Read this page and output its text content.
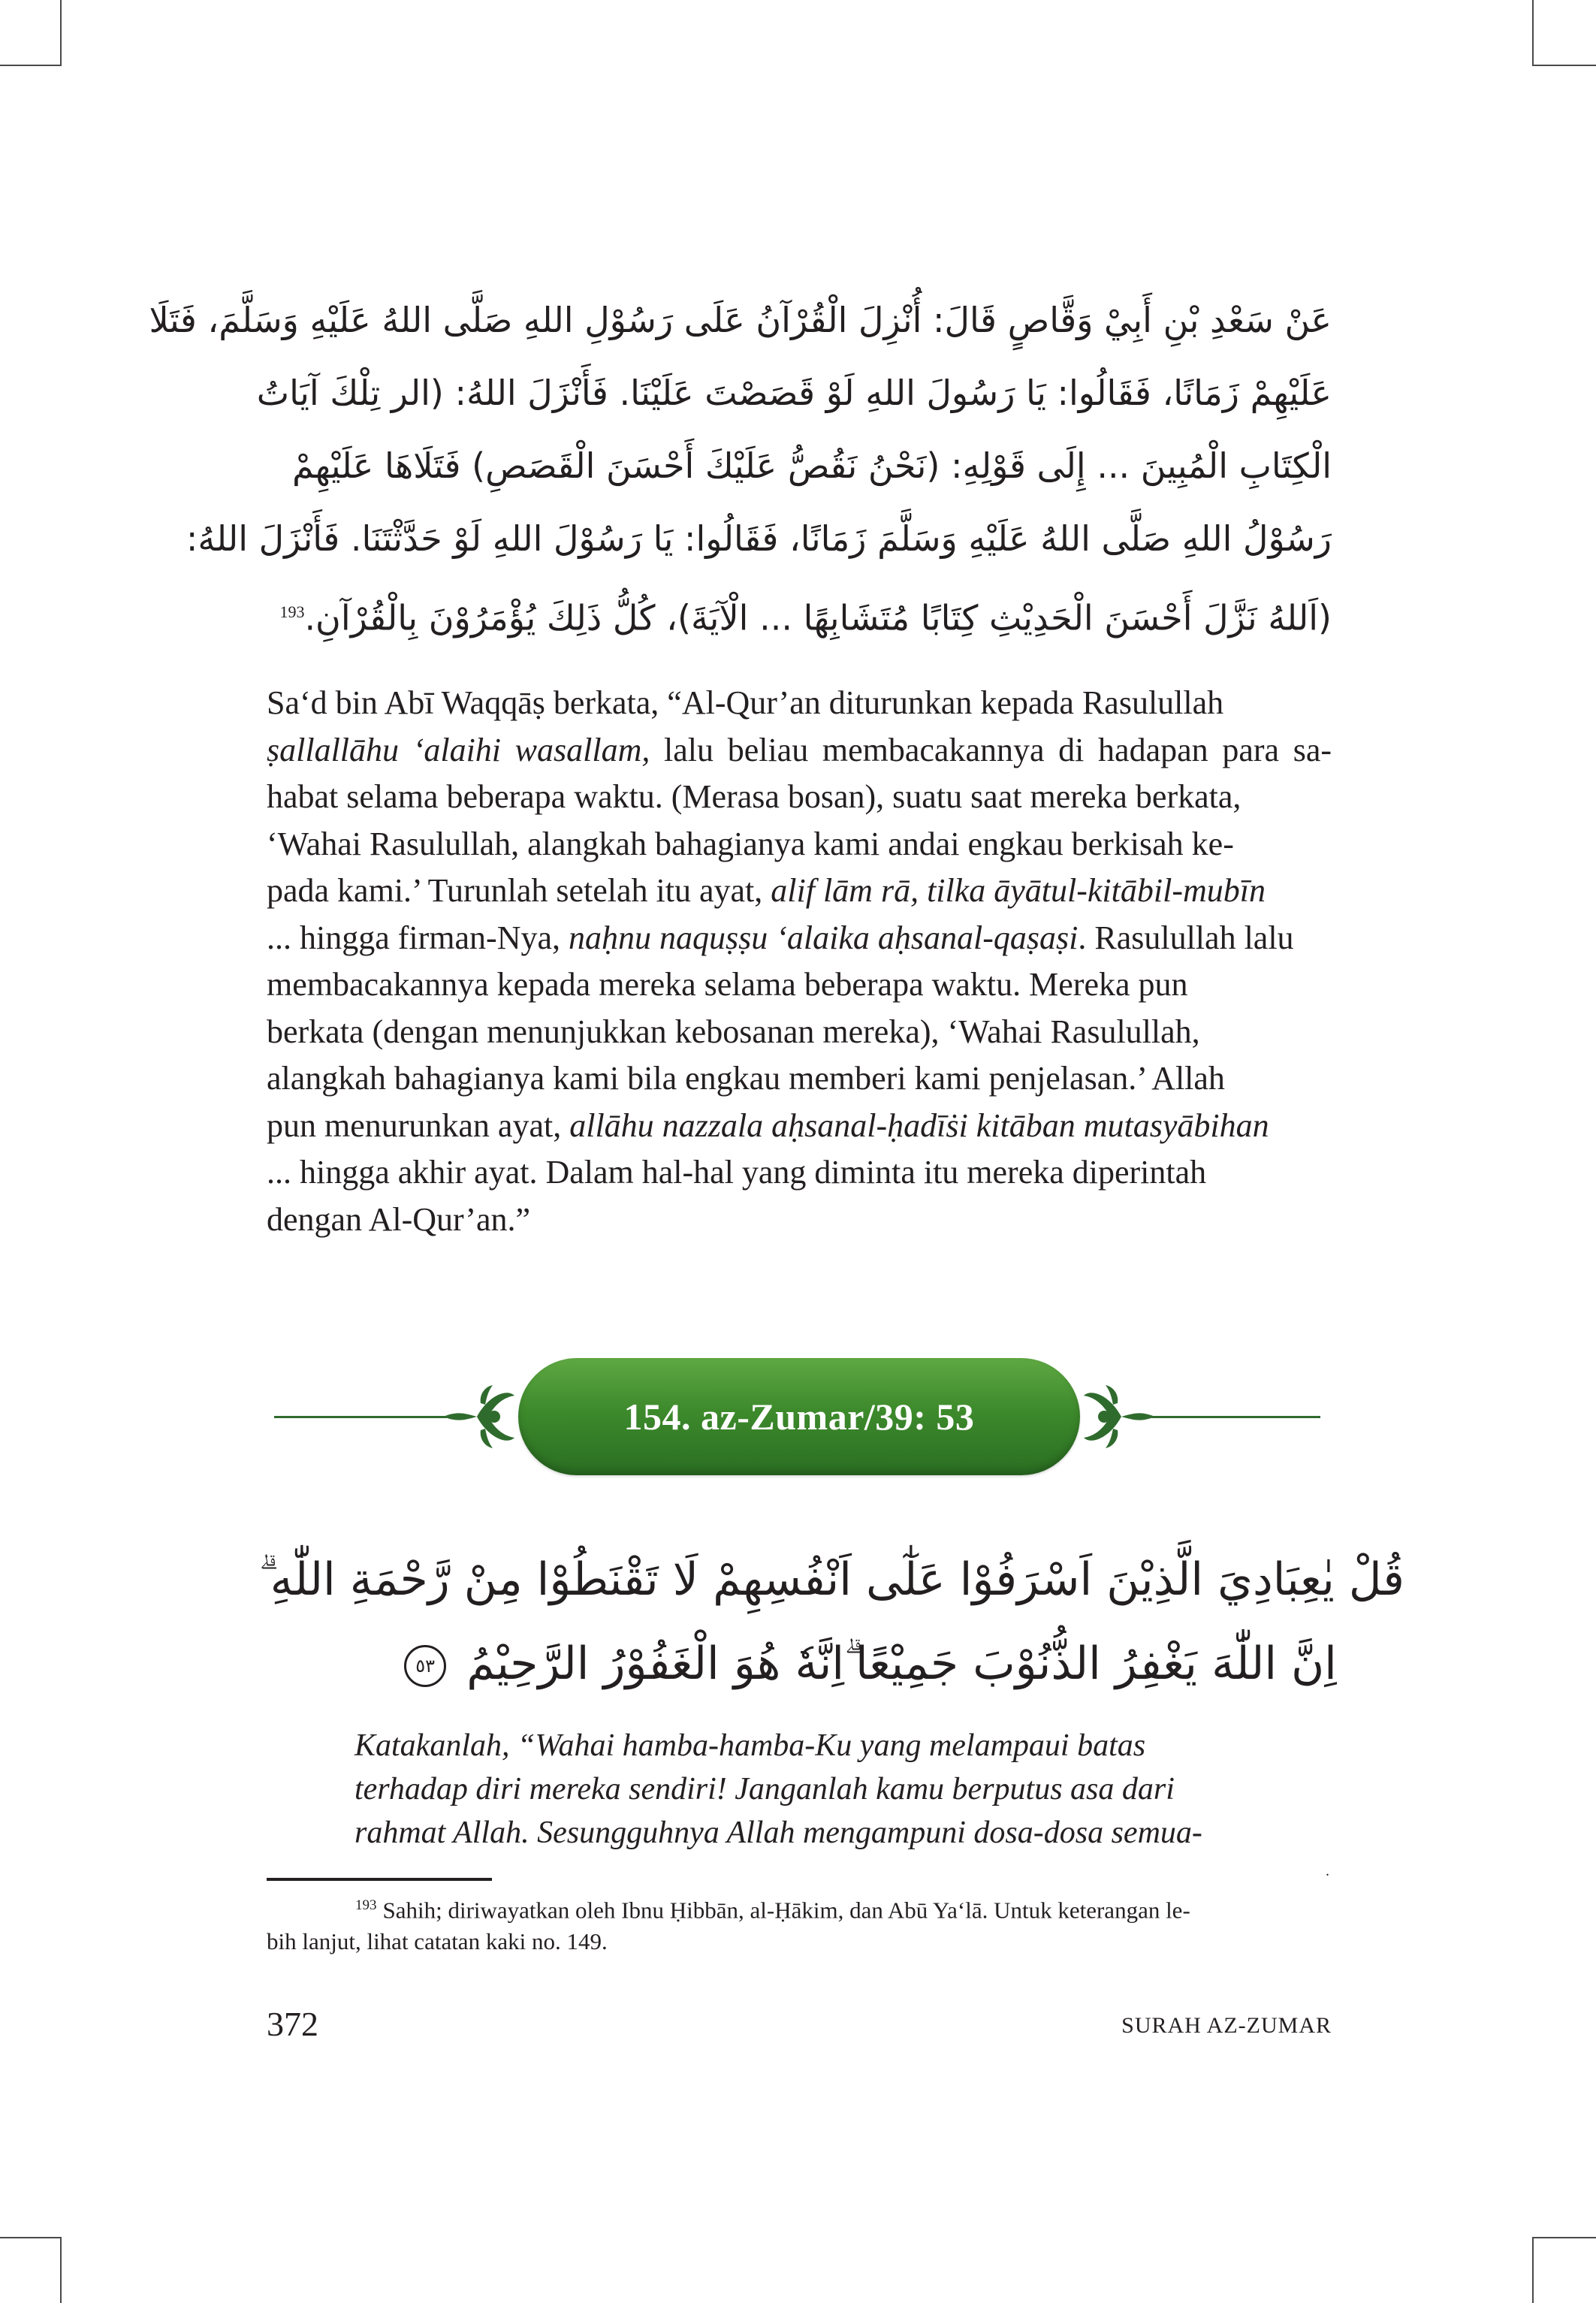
عَنْ سَعْدِ بْنِ أَبِيْ وَقَّاصٍ قَالَ: أُنْزِلَ الْقُرْآنُ عَلَى رَسُوْلِ اللهِ صَلَّى اللهُ عَلَيْهِ وَسَلَّمَ، فَتَلَا
عَلَيْهِمْ زَمَانًا، فَقَالُوا: يَا رَسُولَ اللهِ لَوْ قَصَصْتَ عَلَيْنَا. فَأَنْزَلَ اللهُ: (الر تِلْكَ آيَاتُ
الْكِتَابِ الْمُبِينَ ... إِلَى قَوْلِهِ: (نَحْنُ نَقُصُّ عَلَيْكَ أَحْسَنَ الْقَصَصِ) فَتَلَاهَا عَلَيْهِمْ
رَسُوْلُ اللهِ صَلَّى اللهُ عَلَيْهِ وَسَلَّمَ زَمَانًا، فَقَالُوا: يَا رَسُوْلَ اللهِ لَوْ حَدَّثْتَنَا. فَأَنْزَلَ اللهُ:
(اَللهُ نَزَّلَ أَحْسَنَ الْحَدِيْثِ كِتَابًا مُتَشَابِهًا ... الْآيَةَ)، كُلُّ ذَلِكَ يُؤْمَرُوْنَ بِالْقُرْآنِ.$^{193}$
Sa‘d bin Abī Waqqāṣ berkata, “Al-Qur’an diturunkan kepada Rasulullah
ṣallallāhu ‘alaihi wasallam, lalu beliau membacakannya di hadapan para sa-
habat selama beberapa waktu. (Merasa bosan), suatu saat mereka berkata,
‘Wahai Rasulullah, alangkah bahagianya kami andai engkau berkisah ke-
pada kami.’ Turunlah setelah itu ayat, alif lām rā, tilka āyātul-kitābil-mubīn
... hingga firman-Nya, naḥnu naquṣṣu ‘alaika aḥsanal-qaṣaṣi. Rasulullah lalu
membacakannya kepada mereka selama beberapa waktu. Mereka pun
berkata (dengan menunjukkan kebosanan mereka), ‘Wahai Rasulullah,
alangkah bahagianya kami bila engkau memberi kami penjelasan.’ Allah
pun menurunkan ayat, allāhu nazzala aḥsanal-ḥadīṡi kitāban mutasyābihan
... hingga akhir ayat. Dalam hal-hal yang diminta itu mereka diperintah
dengan Al-Qur’an.”
154. az-Zumar/39: 53
قُلْ يٰعِبَادِيَ الَّذِيْنَ اَسْرَفُوْا عَلٰٓى اَنْفُسِهِمْ لَا تَقْنَطُوْا مِنْ رَّحْمَةِ اللّٰهِ ۗ
اِنَّ اللّٰهَ يَغْفِرُ الذُّنُوْبَ جَمِيْعًا ۗاِنَّهٗ هُوَ الْغَفُوْرُ الرَّحِيْمُ ٥٣
Katakanlah, “Wahai hamba-hamba-Ku yang melampaui batas
terhadap diri mereka sendiri! Janganlah kamu berputus asa dari
rahmat Allah. Sesungguhnya Allah mengampuni dosa-dosa semua-
.
$^{193}$ Sahih; diriwayatkan oleh Ibnu Ḥibbān, al-Ḥākim, dan Abū Ya‘lā. Untuk keterangan le-
bih lanjut, lihat catatan kaki no. 149.
372	SURAH AZ-ZUMAR
